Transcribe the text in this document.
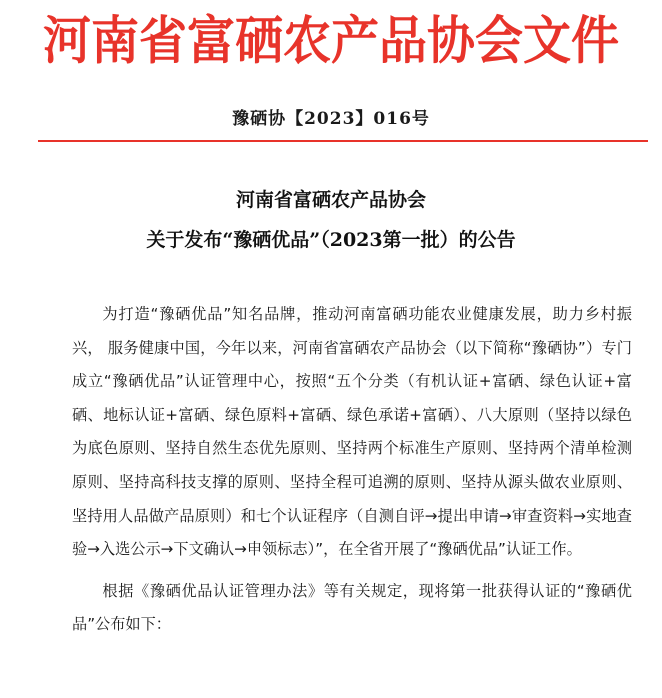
河南省富硒农产品协会文件
豫硒协【2023】016号
河南省富硒农产品协会
关于发布“豫硒优品”（2023第一批）的公告

为打造“豫硒优品”知名品牌，推动河南富硒功能农业健康发展，助力乡村振兴， 服务健康中国，今年以来，河南省富硒农产品协会（以下简称“豫硒协”）专门成立“豫硒优品”认证管理中心，按照“五个分类（有机认证+富硒、绿色认证+富硒、地标认证+富硒、绿色原料+富硒、绿色承诺+富硒）、八大原则（坚持以绿色为底色原则、坚持自然生态优先原则、坚持两个标准生产原则、坚持两个清单检测原则、坚持高科技支撑的原则、坚持全程可追溯的原则、坚持从源头做农业原则、坚持用人品做产品原则）和七个认证程序（自测自评→提出申请→审查资料→实地查验→入选公示→下文确认→申领标志）”，在全省开展了“豫硒优品”认证工作。

根据《豫硒优品认证管理办法》等有关规定，现将第一批获得认证的“豫硒优品”公布如下：
